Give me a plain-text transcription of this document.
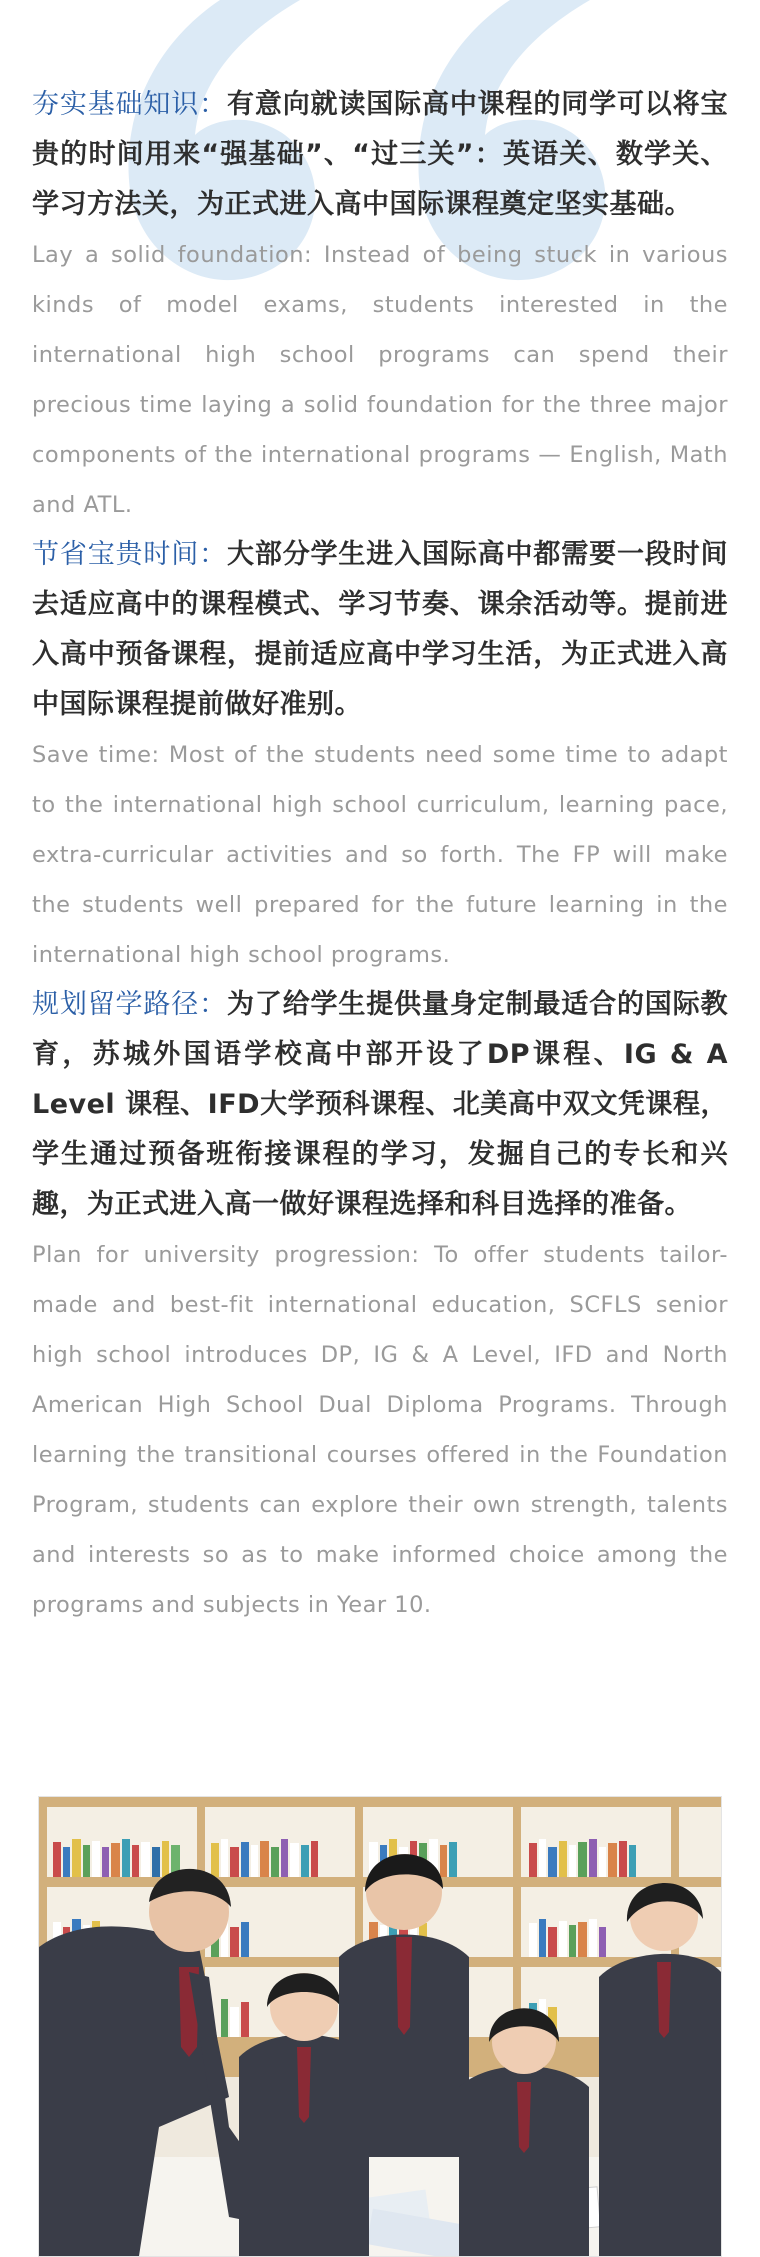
夯实基础知识：有意向就读国际高中课程的同学可以将宝贵的时间用来“强基础”、“过三关”：英语关、数学关、学习方法关，为正式进入高中国际课程奠定坚实基础。

Lay a solid foundation: Instead of being stuck in various kinds of model exams, students interested in the international high school programs can spend their precious time laying a solid foundation for the three major components of the international programs — English, Math and ATL.

节省宝贵时间：大部分学生进入国际高中都需要一段时间去适应高中的课程模式、学习节奏、课余活动等。提前进入高中预备课程，提前适应高中学习生活，为正式进入高中国际课程提前做好准别。

Save time: Most of the students need some time to adapt to the international high school curriculum, learning pace, extra-curricular activities and so forth. The FP will make the students well prepared for the future learning in the international high school programs.

规划留学路径：为了给学生提供量身定制最适合的国际教育，苏城外国语学校高中部开设了DP课程、IG & A Level 课程、IFD大学预科课程、北美高中双文凭课程，学生通过预备班衔接课程的学习，发掘自己的专长和兴趣，为正式进入高一做好课程选择和科目选择的准备。

Plan for university progression: To offer students tailor-made and best-fit international education, SCFLS senior high school introduces DP, IG & A Level, IFD and North American High School Dual Diploma Programs. Through learning the transitional courses offered in the Foundation Program, students can explore their own strength, talents and interests so as to make informed choice among the programs and subjects in Year 10.
